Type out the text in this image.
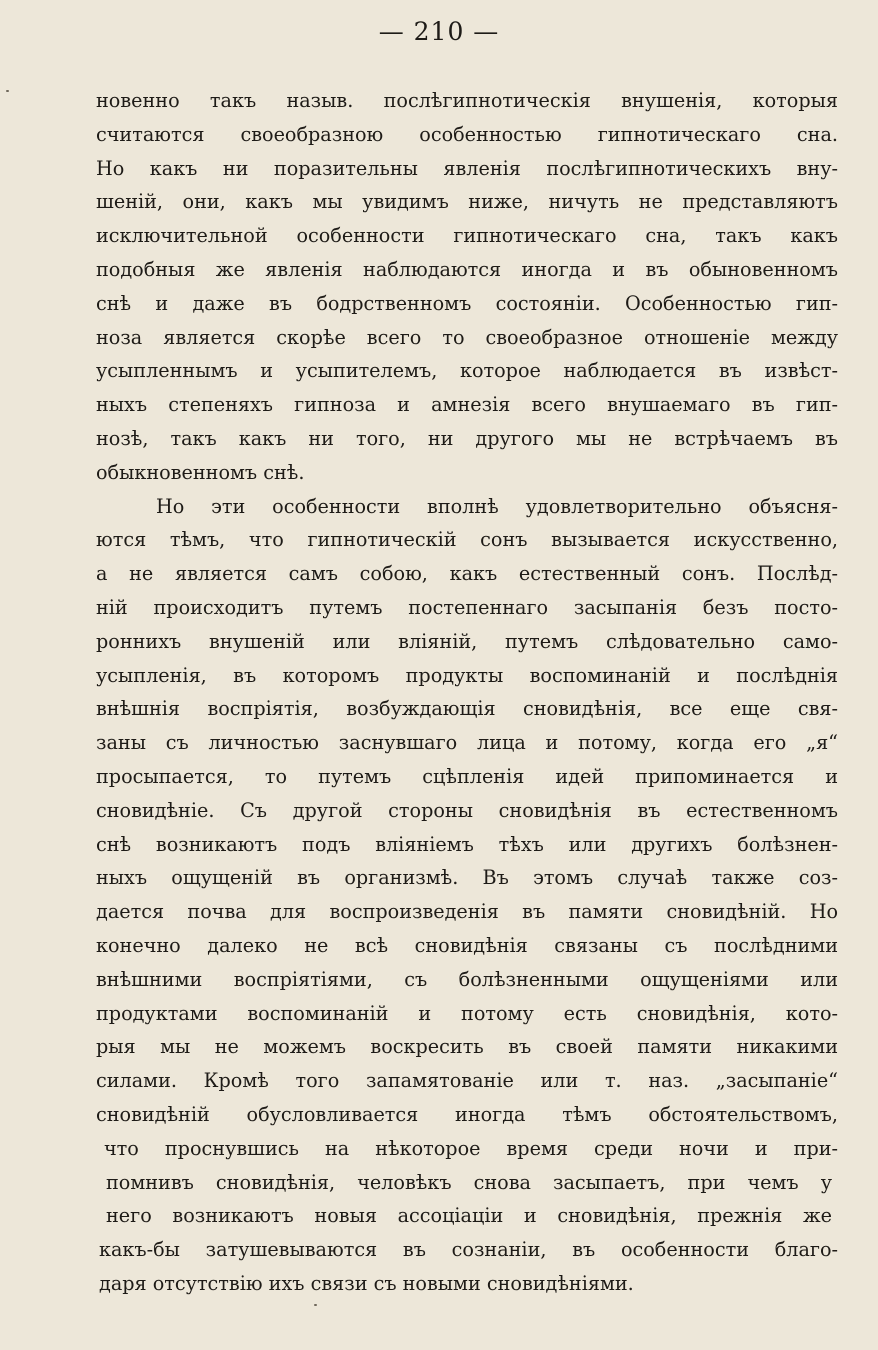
— 210 —
новенно такъ назыв. послѣгипнотическія внушенія, которыя
считаются своеобразною особенностью гипнотическаго сна.
Но какъ ни поразительны явленія послѣгипнотическихъ вну-
шеній, они, какъ мы увидимъ ниже, ничуть не представляютъ
исключительной особенности гипнотическаго сна, такъ какъ
подобныя же явленія наблюдаются иногда и въ обыновенномъ
снѣ и даже въ бодрственномъ состояніи. Особенностью гип-
ноза является скорѣе всего то своеобразное отношеніе между
усыпленнымъ и усыпителемъ, которое наблюдается въ извѣст-
ныхъ степеняхъ гипноза и амнезія всего внушаемаго въ гип-
нозѣ, такъ какъ ни того, ни другого мы не встрѣчаемъ въ
обыкновенномъ снѣ.
Но эти особенности вполнѣ удовлетворительно объясня-
ются тѣмъ, что гипнотическій сонъ вызывается искусственно,
а не является самъ собою, какъ естественный сонъ. Послѣд-
ній происходитъ путемъ постепеннаго засыпанія безъ посто-
роннихъ внушеній или вліяній, путемъ слѣдовательно само-
усыпленія, въ которомъ продукты воспоминаній и послѣднія
внѣшнія воспріятія, возбуждающія сновидѣнія, все еще свя-
заны съ личностью заснувшаго лица и потому, когда его „я“
просыпается, то путемъ сцѣпленія идей припоминается и
сновидѣніе. Съ другой стороны сновидѣнія въ естественномъ
снѣ возникаютъ подъ вліяніемъ тѣхъ или другихъ болѣзнен-
ныхъ ощущеній въ организмѣ. Въ этомъ случаѣ также соз-
дается почва для воспроизведенія въ памяти сновидѣній. Но
конечно далеко не всѣ сновидѣнія связаны съ послѣдними
внѣшними воспріятіями, съ болѣзненными ощущеніями или
продуктами воспоминаній и потому есть сновидѣнія, кото-
рыя мы не можемъ воскресить въ своей памяти никакими
силами. Кромѣ того запамятованіе или т. наз. „засыпаніе“
сновидѣній обусловливается иногда тѣмъ обстоятельствомъ,
что проснувшись на нѣкоторое время среди ночи и при-
помнивъ сновидѣнія, человѣкъ снова засыпаетъ, при чемъ у
него возникаютъ новыя ассоціаціи и сновидѣнія, прежнія же
какъ-бы затушевываются въ сознаніи, въ особенности благо-
даря отсутствію ихъ связи съ новыми сновидѣніями.
